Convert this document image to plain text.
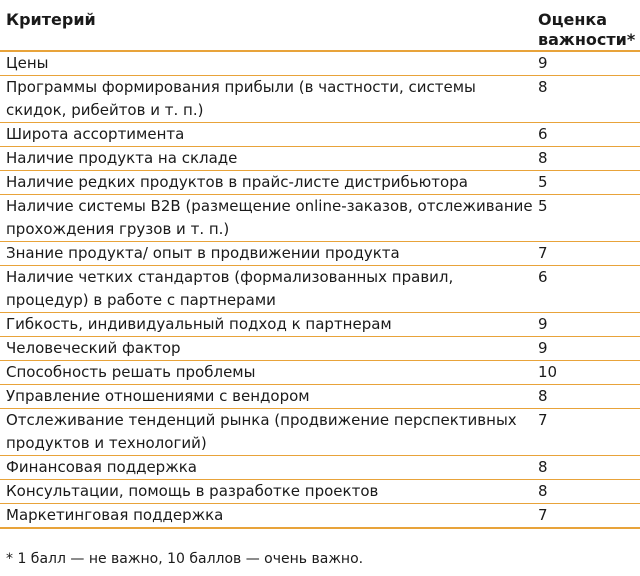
Критерий	Оценка важности*
Цены	9
Программы формирования прибыли (в частности, системы скидок, рибейтов и т. п.)	8
Широта ассортимента	6
Наличие продукта на складе	8
Наличие редких продуктов в прайс-листе дистрибьютора	5
Наличие системы B2B (размещение online-заказов, отслеживание прохождения грузов и т. п.)	5
Знание продукта/ опыт в продвижении продукта	7
Наличие четких стандартов (формализованных правил, процедур) в работе с партнерами	6
Гибкость, индивидуальный подход к партнерам	9
Человеческий фактор	9
Способность решать проблемы	10
Управление отношениями с вендором	8
Отслеживание тенденций рынка (продвижение перспективных продуктов и технологий)	7
Финансовая поддержка	8
Консультации, помощь в разработке проектов	8
Маркетинговая поддержка	7
* 1 балл — не важно, 10 баллов — очень важно.
